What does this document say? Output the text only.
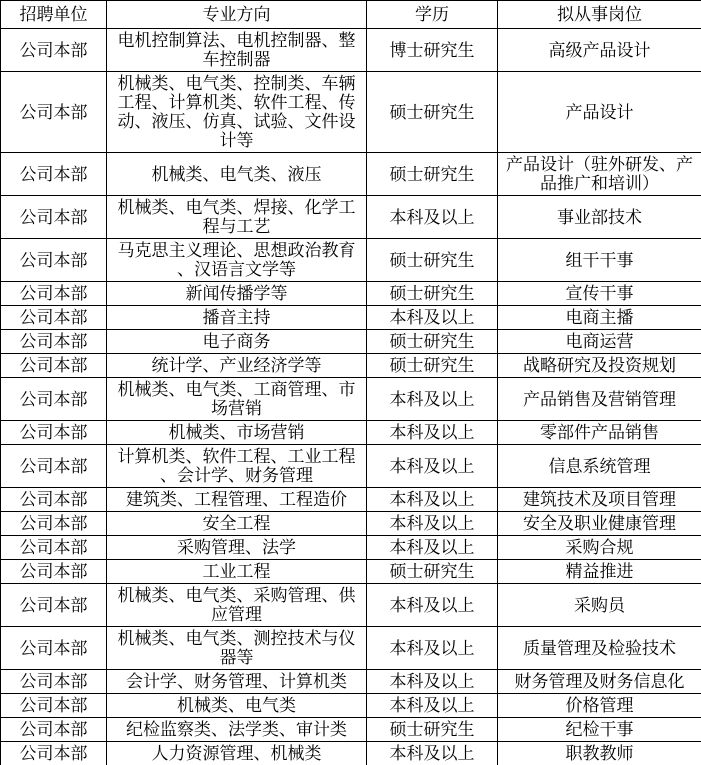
招聘单位	专业方向	学历	拟从事岗位
公司本部	电机控制算法、电机控制器、整车控制器	博士研究生	高级产品设计
公司本部	机械类、电气类、控制类、车辆工程、计算机类、软件工程、传动、液压、仿真、试验、文件设计等	硕士研究生	产品设计
公司本部	机械类、电气类、液压	硕士研究生	产品设计（驻外研发、产品推广和培训）
公司本部	机械类、电气类、焊接、化学工程与工艺	本科及以上	事业部技术
公司本部	马克思主义理论、思想政治教育、汉语言文学等	硕士研究生	组干干事
公司本部	新闻传播学等	硕士研究生	宣传干事
公司本部	播音主持	本科及以上	电商主播
公司本部	电子商务	硕士研究生	电商运营
公司本部	统计学、产业经济学等	硕士研究生	战略研究及投资规划
公司本部	机械类、电气类、工商管理、市场营销	本科及以上	产品销售及营销管理
公司本部	机械类、市场营销	本科及以上	零部件产品销售
公司本部	计算机类、软件工程、工业工程、会计学、财务管理	本科及以上	信息系统管理
公司本部	建筑类、工程管理、工程造价	本科及以上	建筑技术及项目管理
公司本部	安全工程	本科及以上	安全及职业健康管理
公司本部	采购管理、法学	本科及以上	采购合规
公司本部	工业工程	硕士研究生	精益推进
公司本部	机械类、电气类、采购管理、供应管理	本科及以上	采购员
公司本部	机械类、电气类、测控技术与仪器等	本科及以上	质量管理及检验技术
公司本部	会计学、财务管理、计算机类	本科及以上	财务管理及财务信息化
公司本部	机械类、电气类	本科及以上	价格管理
公司本部	纪检监察类、法学类、审计类	硕士研究生	纪检干事
公司本部	人力资源管理、机械类	本科及以上	职教教师
